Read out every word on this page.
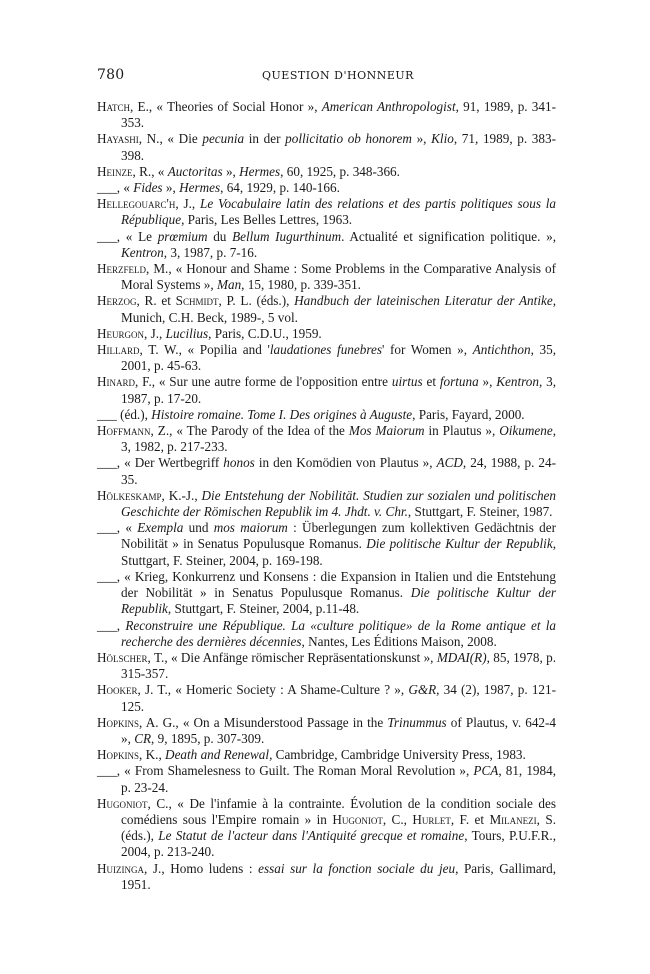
780	QUESTION D'HONNEUR

Hatch, E., « Theories of Social Honor », American Anthropologist, 91, 1989, p. 341-353.

Hayashi, N., « Die pecunia in der pollicitatio ob honorem », Klio, 71, 1989, p. 383-398.

Heinze, R., « Auctoritas », Hermes, 60, 1925, p. 348-366.

___, « Fides », Hermes, 64, 1929, p. 140-166.

Hellegouarc'h, J., Le Vocabulaire latin des relations et des partis politiques sous la République, Paris, Les Belles Lettres, 1963.

___, « Le prœmium du Bellum Iugurthinum. Actualité et signification politique. », Kentron, 3, 1987, p. 7-16.

Herzfeld, M., « Honour and Shame : Some Problems in the Comparative Analysis of Moral Systems », Man, 15, 1980, p. 339-351.

Herzog, R. et Schmidt, P. L. (éds.), Handbuch der lateinischen Literatur der Antike, Munich, C.H. Beck, 1989-, 5 vol.

Heurgon, J., Lucilius, Paris, C.D.U., 1959.

Hillard, T. W., « Popilia and 'laudationes funebres' for Women », Antichthon, 35, 2001, p. 45-63.

Hinard, F., « Sur une autre forme de l'opposition entre uirtus et fortuna », Kentron, 3, 1987, p. 17-20.

___ (éd.), Histoire romaine. Tome I. Des origines à Auguste, Paris, Fayard, 2000.

Hoffmann, Z., « The Parody of the Idea of the Mos Maiorum in Plautus », Oikumene, 3, 1982, p. 217-233.

___, « Der Wertbegriff honos in den Komödien von Plautus », ACD, 24, 1988, p. 24-35.

Hölkeskamp, K.-J., Die Entstehung der Nobilität. Studien zur sozialen und politischen Geschichte der Römischen Republik im 4. Jhdt. v. Chr., Stuttgart, F. Steiner, 1987.

___, « Exempla und mos maiorum : Überlegungen zum kollektiven Gedächtnis der Nobilität » in Senatus Populusque Romanus. Die politische Kultur der Republik, Stuttgart, F. Steiner, 2004, p. 169-198.

___, « Krieg, Konkurrenz und Konsens : die Expansion in Italien und die Entstehung der Nobilität » in Senatus Populusque Romanus. Die politische Kultur der Republik, Stuttgart, F. Steiner, 2004, p.11-48.

___, Reconstruire une République. La «culture politique» de la Rome antique et la recherche des dernières décennies, Nantes, Les Éditions Maison, 2008.

Hölscher, T., « Die Anfänge römischer Repräsentationskunst », MDAI(R), 85, 1978, p. 315-357.

Hooker, J. T., « Homeric Society : A Shame-Culture ? », G&R, 34 (2), 1987, p. 121-125.

Hopkins, A. G., « On a Misunderstood Passage in the Trinummus of Plautus, v. 642-4 », CR, 9, 1895, p. 307-309.

Hopkins, K., Death and Renewal, Cambridge, Cambridge University Press, 1983.

___, « From Shamelesness to Guilt. The Roman Moral Revolution », PCA, 81, 1984, p. 23-24.

Hugoniot, C., « De l'infamie à la contrainte. Évolution de la condition sociale des comédiens sous l'Empire romain » in Hugoniot, C., Hurlet, F. et Milanezi, S. (éds.), Le Statut de l'acteur dans l'Antiquité grecque et romaine, Tours, P.U.F.R., 2004, p. 213-240.

Huizinga, J., Homo ludens : essai sur la fonction sociale du jeu, Paris, Gallimard, 1951.
